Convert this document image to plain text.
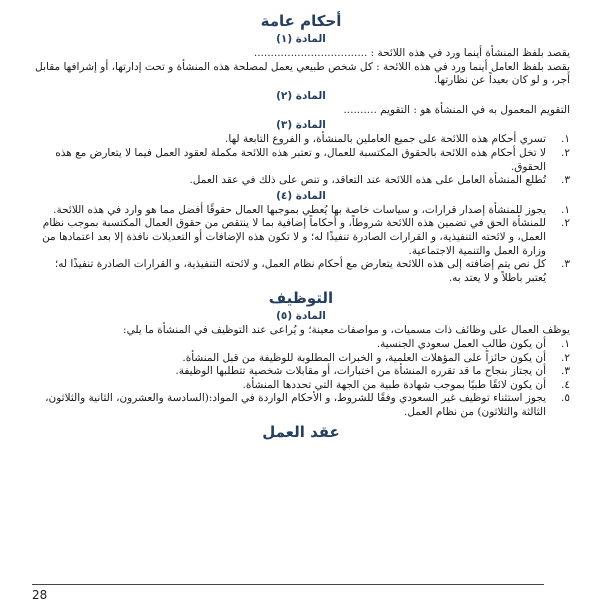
أحكام عامة
المادة (١)

يقصد بلفظ المنشأة أينما ورد في هذه اللائحة : ..................................

يقصد بلفظ العامل أينما ورد في هذه اللائحة : كل شخص طبيعي يعمل لمصلحة هذه المنشأة و تحت إدارتها، أو إشرافها مقابل أجر، و لو كان بعيداً عن نظارتها.

المادة (٢)

التقويم المعمول به في المنشأة هو : التقويم ..........

المادة (٣)
١.
تسري أحكام هذه اللائحة على جميع العاملين بالمنشأة، و الفروع التابعة لها.
٢.
لا تخل أحكام هذه اللائحة بالحقوق المكتسبة للعمال، و تعتبر هذه اللائحة مكملة لعقود العمل فيما لا يتعارض مع هذه الحقوق.
٣.
تُطلع المنشأة العامل على هذه اللائحة عند التعاقد، و تنص على ذلك في عقد العمل.
المادة (٤)
١.
يجوز للمنشأة إصدار قرارات، و سياسات خاصة بها يُعطي بموجبها العمال حقوقًا أفضل مما هو وارد في هذه اللائحة.
٢.
للمنشأة الحق في تضمين هذه اللائحة شروطاً، و أحكاماً إضافية بما لا ينتقص من حقوق العمال المكتسبة بموجب نظام العمل، و لائحته التنفيذية، و القرارات الصادرة تنفيذًا له؛ و لا تكون هذه الإضافات أو التعديلات نافذة إلا بعد اعتمادها من وزارة العمل والتنمية الاجتماعية.
٣.
كل نص يتم إضافته إلى هذه اللائحة يتعارض مع أحكام نظام العمل، و لائحته التنفيذية، و القرارات الصادرة تنفيذًا له؛ يُعتبر باطلاً و لا يعتد به.
التوظيف
المادة (٥)

يوظف العمال على وظائف ذات مسميات، و مواصفات معينة؛ و يُراعى عند التوظيف في المنشأة ما يلي:

١.
أن يكون طالب العمل سعودي الجنسية.
٢.
أن يكون حائزاً على المؤهلات العلمية، و الخبرات المطلوبة للوظيفة من قبل المنشأة.
٣.
أن يجتاز بنجاح ما قد تقرره المنشأة من اختبارات، أو مقابلات شخصية تتطلبها الوظيفة.
٤.
أن يكون لائقًا طبيًا بموجب شهادة طبية من الجهة التي تحددها المنشأة.
٥.
يجوز استثناء توظيف غير السعودي وفقًا للشروط، و الأحكام الواردة في المواد:(السادسة والعشرون، الثانية والثلاثون، الثالثة والثلاثون) من نظام العمل.
عقد العمل
28
